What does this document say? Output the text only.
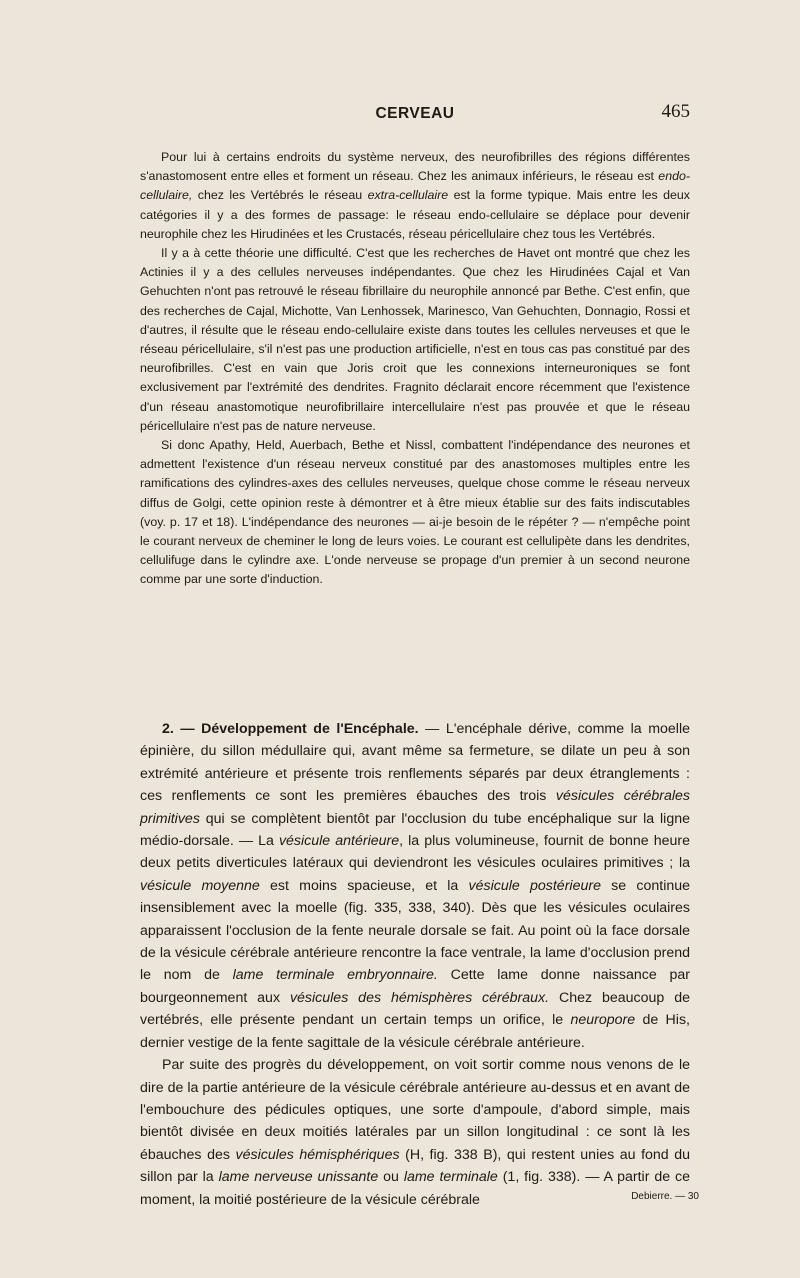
CERVEAU	465

Pour lui à certains endroits du système nerveux, des neurofibrilles des régions différentes s'anastomosent entre elles et forment un réseau. Chez les animaux inférieurs, le réseau est endo-cellulaire, chez les Vertébrés le réseau extra-cellulaire est la forme typique. Mais entre les deux catégories il y a des formes de passage: le réseau endo-cellulaire se déplace pour devenir neurophile chez les Hirudinées et les Crustacés, réseau péricellulaire chez tous les Vertébrés.

Il y a à cette théorie une difficulté. C'est que les recherches de Havet ont montré que chez les Actinies il y a des cellules nerveuses indépendantes. Que chez les Hirudinées Cajal et Van Gehuchten n'ont pas retrouvé le réseau fibrillaire du neurophile annoncé par Bethe. C'est enfin, que des recherches de Cajal, Michotte, Van Lenhossek, Marinesco, Van Gehuchten, Donnagio, Rossi et d'autres, il résulte que le réseau endo-cellulaire existe dans toutes les cellules nerveuses et que le réseau péricellulaire, s'il n'est pas une production artificielle, n'est en tous cas pas constitué par des neurofibrilles. C'est en vain que Joris croit que les connexions interneuroniques se font exclusivement par l'extrémité des dendrites. Fragnito déclarait encore récemment que l'existence d'un réseau anastomotique neurofibrillaire intercellulaire n'est pas prouvée et que le réseau péricellulaire n'est pas de nature nerveuse.

Si donc Apathy, Held, Auerbach, Bethe et Nissl, combattent l'indépendance des neurones et admettent l'existence d'un réseau nerveux constitué par des anastomoses multiples entre les ramifications des cylindres-axes des cellules nerveuses, quelque chose comme le réseau nerveux diffus de Golgi, cette opinion reste à démontrer et à être mieux établie sur des faits indiscutables (voy. p. 17 et 18). L'indépendance des neurones — ai-je besoin de le répéter ? — n'empêche point le courant nerveux de cheminer le long de leurs voies. Le courant est cellulipète dans les dendrites, cellulifuge dans le cylindre axe. L'onde nerveuse se propage d'un premier à un second neurone comme par une sorte d'induction.

2. — Développement de l'Encéphale. — L'encéphale dérive, comme la moelle épinière, du sillon médullaire qui, avant même sa fermeture, se dilate un peu à son extrémité antérieure et présente trois renflements séparés par deux étranglements : ces renflements ce sont les premières ébauches des trois vésicules cérébrales primitives qui se complètent bientôt par l'occlusion du tube encéphalique sur la ligne médio-dorsale. — La vésicule antérieure, la plus volumineuse, fournit de bonne heure deux petits diverticules latéraux qui deviendront les vésicules oculaires primitives ; la vésicule moyenne est moins spacieuse, et la vésicule postérieure se continue insensiblement avec la moelle (fig. 335, 338, 340). Dès que les vésicules oculaires apparaissent l'occlusion de la fente neurale dorsale se fait. Au point où la face dorsale de la vésicule cérébrale antérieure rencontre la face ventrale, la lame d'occlusion prend le nom de lame terminale embryonnaire. Cette lame donne naissance par bourgeonnement aux vésicules des hémisphères cérébraux. Chez beaucoup de vertébrés, elle présente pendant un certain temps un orifice, le neuropore de His, dernier vestige de la fente sagittale de la vésicule cérébrale antérieure.

Par suite des progrès du développement, on voit sortir comme nous venons de le dire de la partie antérieure de la vésicule cérébrale antérieure au-dessus et en avant de l'embouchure des pédicules optiques, une sorte d'ampoule, d'abord simple, mais bientôt divisée en deux moitiés latérales par un sillon longitudinal : ce sont là les ébauches des vésicules hémisphériques (H, fig. 338 B), qui restent unies au fond du sillon par la lame nerveuse unissante ou lame terminale (1, fig. 338). — A partir de ce moment, la moitié postérieure de la vésicule cérébrale	Debierre. — 30
